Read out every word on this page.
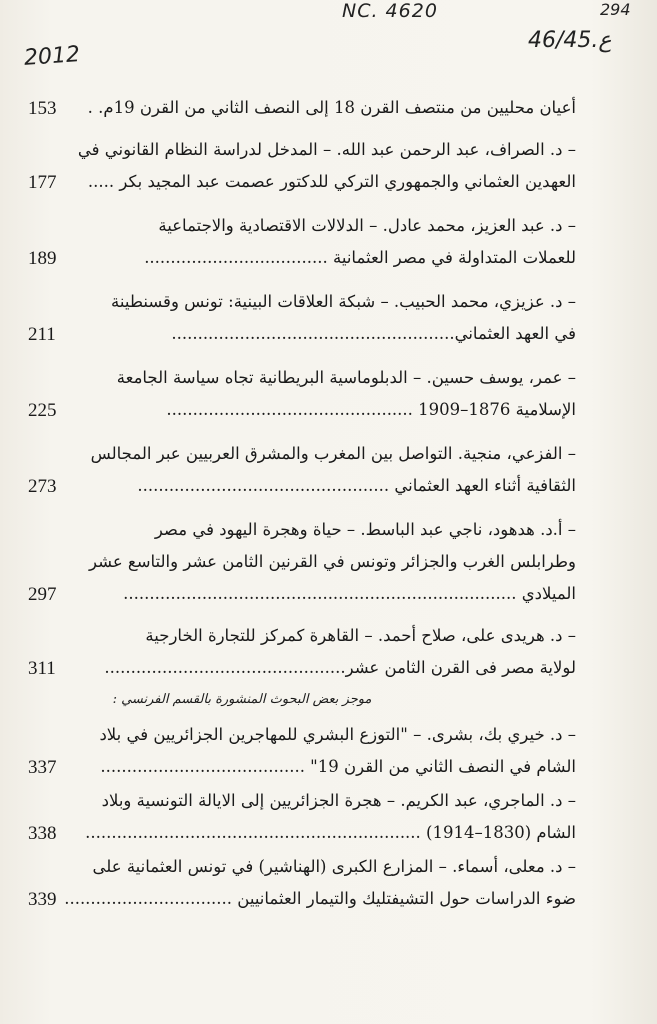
NC. 4620
2012
46/45.ع
294
أعيان محليين من منتصف القرن 18 إلى النصف الثاني من القرن 19م. .
153
– د. الصراف، عبد الرحمن عبد الله. – المدخل لدراسة النظام القانوني في
العهدين العثماني والجمهوري التركي للدكتور عصمت عبد المجيد بكر .....
177
– د. عبد العزيز، محمد عادل. – الدلالات الاقتصادية والاجتماعية
للعملات المتداولة في مصر العثمانية ...................................
189
– د. عزيزي، محمد الحبيب. – شبكة العلاقات البينية: تونس وقسنطينة
في العهد العثماني......................................................
211
– عمر، يوسف حسين. – الدبلوماسية البريطانية تجاه سياسة الجامعة
الإسلامية 1876–1909 ...............................................
225
– الفزعي، منجية. التواصل بين المغرب والمشرق العربيين عبر المجالس
الثقافية أثناء العهد العثماني ................................................
273
– أ.د. هدهود، ناجي عبد الباسط. – حياة وهجرة اليهود في مصر
وطرابلس الغرب والجزائر وتونس في القرنين الثامن عشر والتاسع عشر
الميلادي ...........................................................................
297
– د. هريدى على، صلاح أحمد. – القاهرة كمركز للتجارة الخارجية
لولاية مصر فى القرن الثامن عشر..............................................
311
موجز بعض البحوث المنشورة بالقسم الفرنسي :
– د. خيري بك، بشرى. – "التوزع البشري للمهاجرين الجزائريين في بلاد
الشام في النصف الثاني من القرن 19" .......................................
337
– د. الماجري، عبد الكريم. – هجرة الجزائريين إلى الايالة التونسية وبلاد
الشام (1830–1914) ................................................................
338
– د. معلى، أسماء. – المزارع الكبرى (الهناشير) في تونس العثمانية على
ضوء الدراسات حول التشيفتليك والتيمار العثمانيين ................................
339
